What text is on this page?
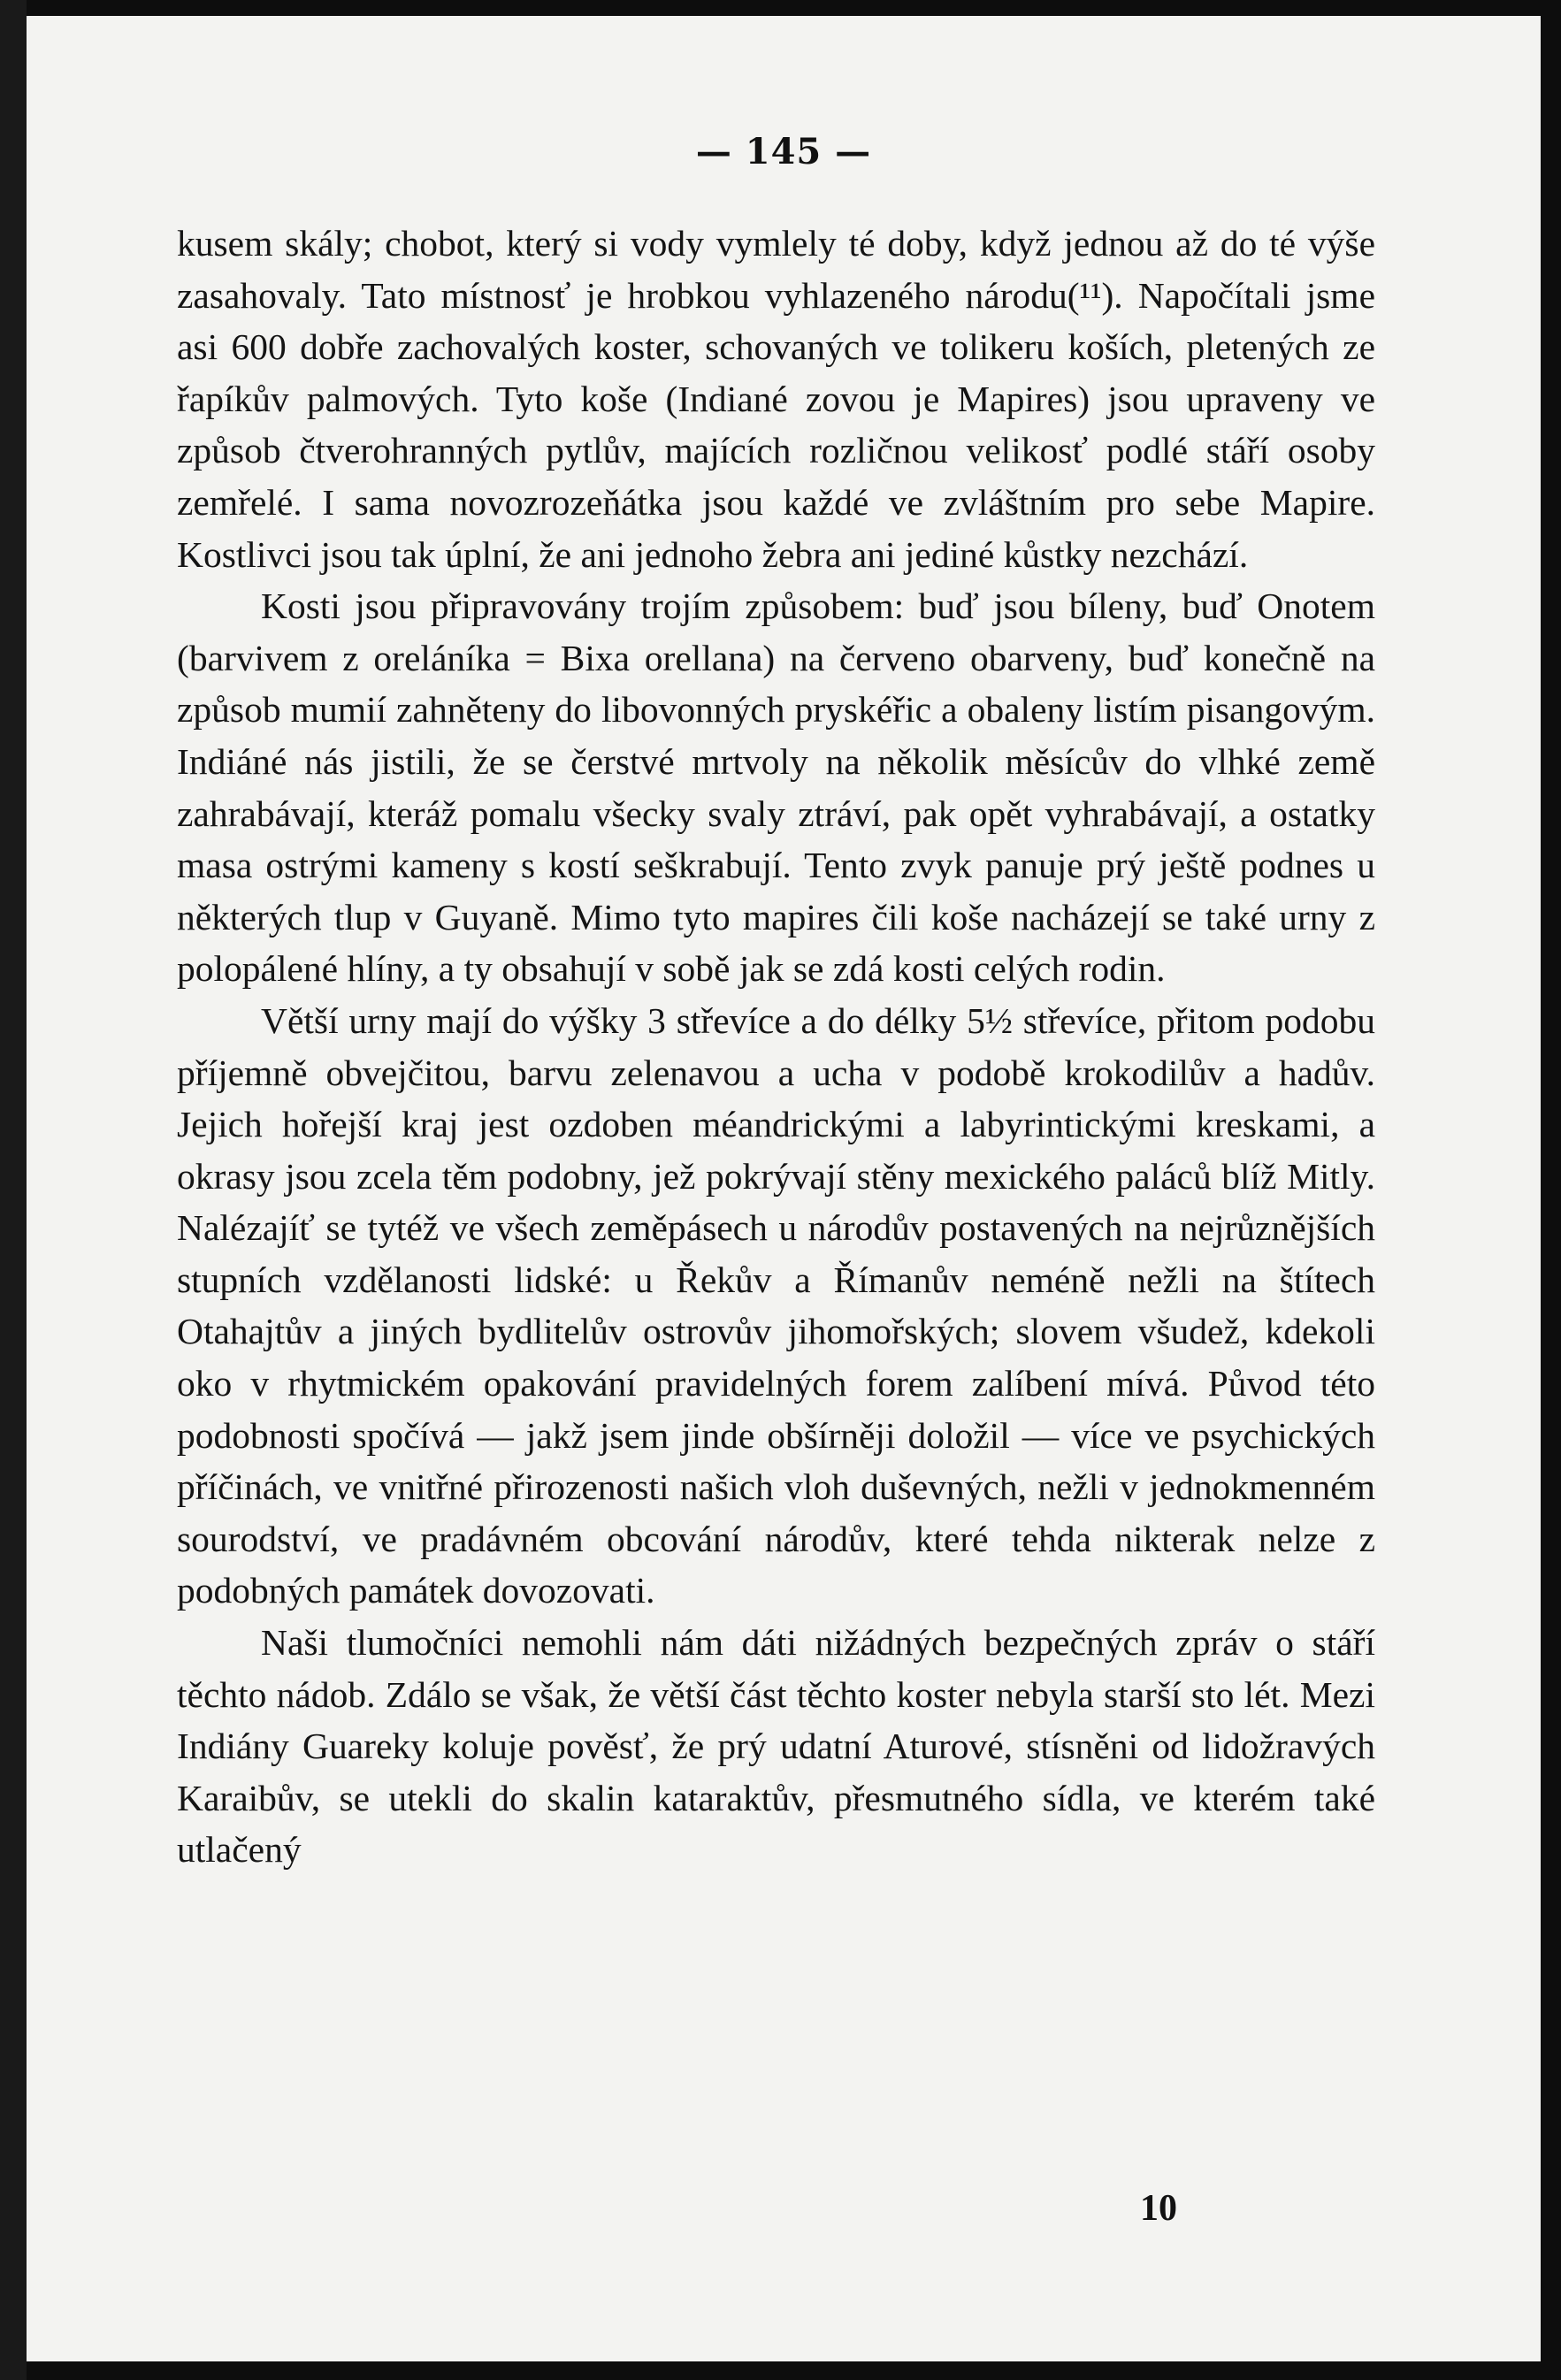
— 145 —

kusem skály; chobot, který si vody vymlely té doby, když jednou až do té výše zasahovaly. Tato místnosť je hrobkou vyhlazeného národu(¹¹). Napočítali jsme asi 600 dobře zachovalých koster, schovaných ve tolikeru koších, pletených ze řapíkův palmových. Tyto koše (Indiané zovou je Mapires) jsou upraveny ve způsob čtverohranných pytlův, majících rozličnou velikosť podlé stáří osoby zemřelé. I sama novozrozeňátka jsou každé ve zvláštním pro sebe Mapire. Kostlivci jsou tak úplní, že ani jednoho žebra ani jediné kůstky nezchází.

Kosti jsou připravovány trojím způsobem: buď jsou bíleny, buď Onotem (barvivem z oreláníka = Bixa orellana) na červeno obarveny, buď konečně na způsob mumií zahněteny do libovonných pryskéřic a obaleny listím pisangovým. Indiáné nás jistili, že se čerstvé mrtvoly na několik měsícův do vlhké země zahrabávají, kteráž pomalu všecky svaly ztráví, pak opět vyhrabávají, a ostatky masa ostrými kameny s kostí seškrabují. Tento zvyk panuje prý ještě podnes u některých tlup v Guyaně. Mimo tyto mapires čili koše nacházejí se také urny z polopálené hlíny, a ty obsahují v sobě jak se zdá kosti celých rodin.

Větší urny mají do výšky 3 střevíce a do délky 5½ střevíce, přitom podobu příjemně obvejčitou, barvu zelenavou a ucha v podobě krokodilův a hadův. Jejich hořejší kraj jest ozdoben méandrickými a labyrintickými kreskami, a okrasy jsou zcela těm podobny, jež pokrývají stěny mexického paláců blíž Mitly. Nalézajíť se tytéž ve všech zeměpásech u národův postavených na nejrůznějších stupních vzdělanosti lidské: u Řekův a Římanův neméně nežli na štítech Otahajtův a jiných bydlitelův ostrovův jihomořských; slovem všudež, kdekoli oko v rhytmickém opakování pravidelných forem zalíbení mívá. Původ této podobnosti spočívá — jakž jsem jinde obšírněji doložil — více ve psychických příčinách, ve vnitřné přirozenosti našich vloh duševných, nežli v jednokmenném sourodství, ve pradávném obcování národův, které tehda nikterak nelze z podobných památek dovozovati.

Naši tlumočníci nemohli nám dáti nižádných bezpečných zpráv o stáří těchto nádob. Zdálo se však, že větší část těchto koster nebyla starší sto lét. Mezi Indiány Guareky koluje pověsť, že prý udatní Aturové, stísněni od lidožravých Karaibův, se utekli do skalin kataraktův, přesmutného sídla, ve kterém také utlačený

10
